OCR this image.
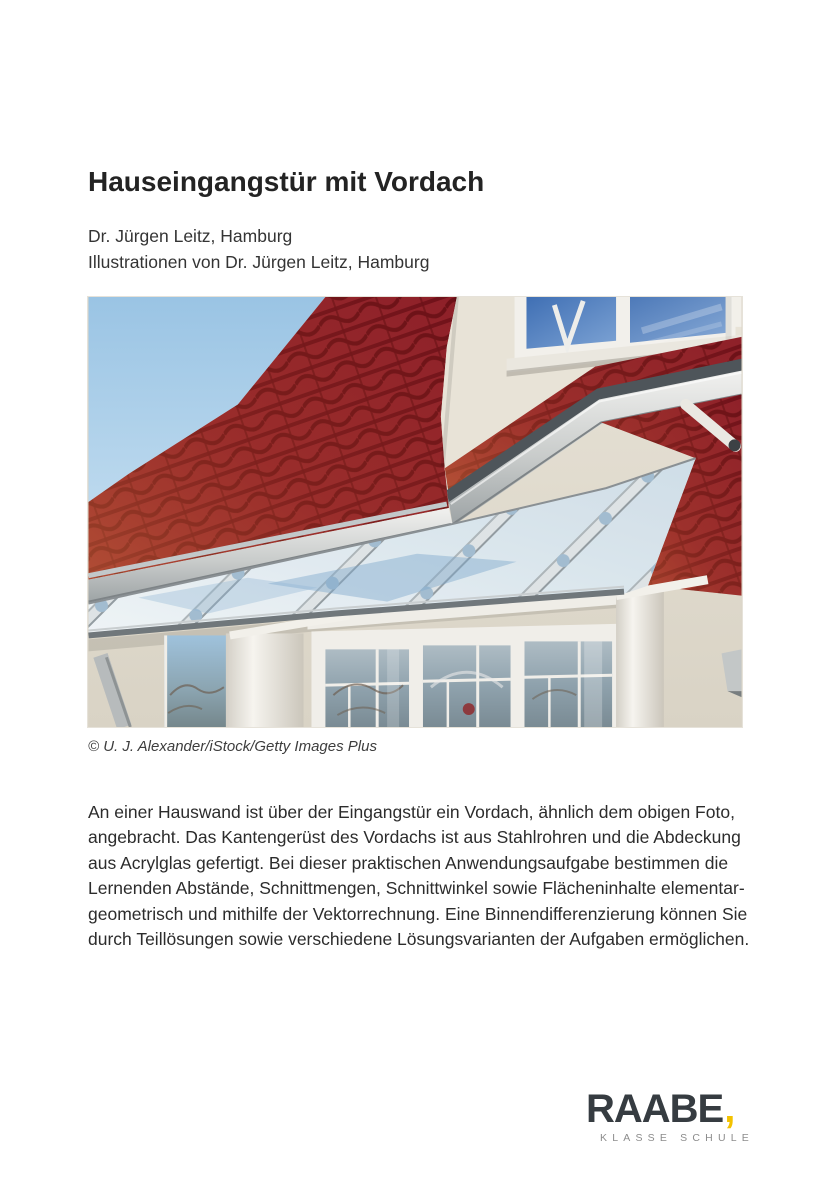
Hauseingangstür mit Vordach
Dr. Jürgen Leitz, Hamburg
Illustrationen von Dr. Jürgen Leitz, Hamburg
© U. J. Alexander/iStock/Getty Images Plus
An einer Hauswand ist über der Eingangstür ein Vordach, ähnlich dem obigen Foto,
angebracht. Das Kantengerüst des Vordachs ist aus Stahlrohren und die Abdeckung
aus Acrylglas gefertigt. Bei dieser praktischen Anwendungsaufgabe bestimmen die
Lernenden Abstände, Schnittmengen, Schnittwinkel sowie Flächeninhalte elementar-
geometrisch und mithilfe der Vektorrechnung. Eine Binnendifferenzierung können Sie
durch Teillösungen sowie verschiedene Lösungsvarianten der Aufgaben ermöglichen.
RAABE,
KLASSE SCHULE
